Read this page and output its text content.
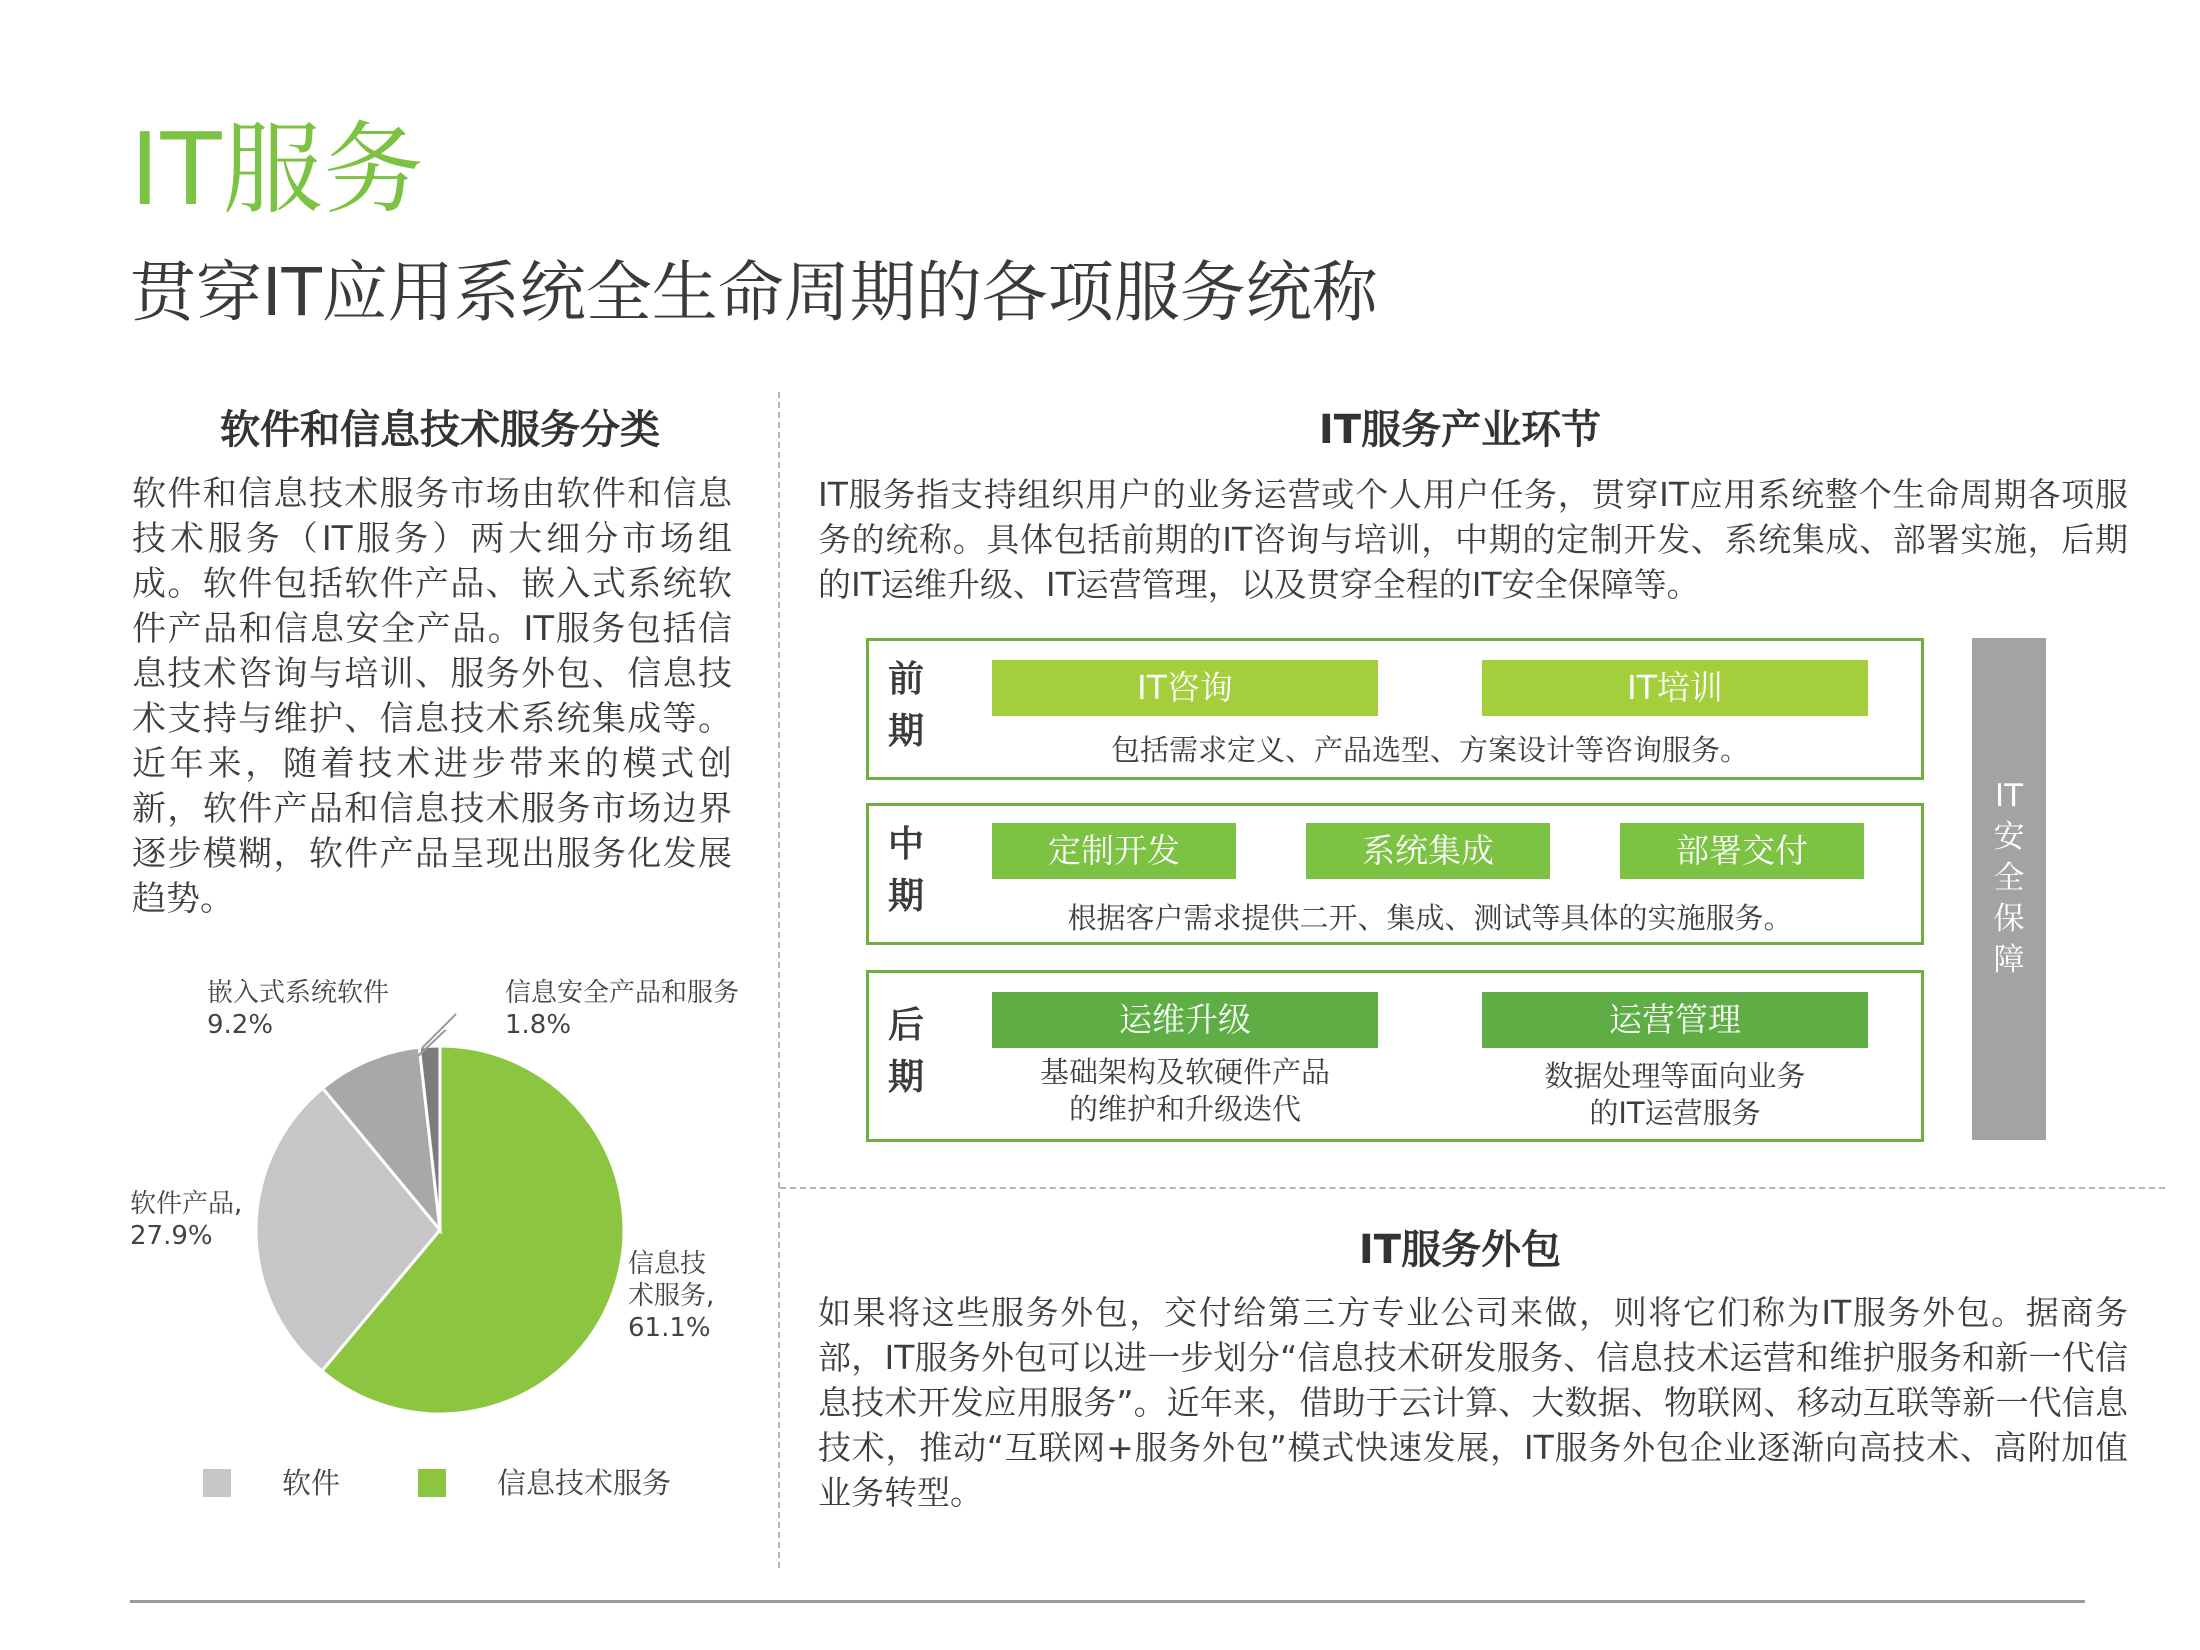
IT服务
贯穿IT应用系统全生命周期的各项服务统称
软件和信息技术服务分类
软件和信息技术服务市场由软件和信息技术服务（IT服务）两大细分市场组成。软件包括软件产品、嵌入式系统软件产品和信息安全产品。IT服务包括信息技术咨询与培训、服务外包、信息技术支持与维护、信息技术系统集成等。近年来，随着技术进步带来的模式创新，软件产品和信息技术服务市场边界逐步模糊，软件产品呈现出服务化发展趋势。
嵌入式系统软件
9.2%
信息安全产品和服务
1.8%
软件产品,
27.9%
信息技术服务,
61.1%
软件	信息技术服务
IT服务产业环节
IT服务指支持组织用户的业务运营或个人用户任务，贯穿IT应用系统整个生命周期各项服务的统称。具体包括前期的IT咨询与培训，中期的定制开发、系统集成、部署实施，后期的IT运维升级、IT运营管理，以及贯穿全程的IT安全保障等。
前
期
IT咨询	IT培训
包括需求定义、产品选型、方案设计等咨询服务。
中
期
定制开发	系统集成	部署交付
根据客户需求提供二开、集成、测试等具体的实施服务。
后
期
运维升级	运营管理
基础架构及软硬件产品
的维护和升级迭代
数据处理等面向业务
的IT运营服务
IT
安
全
保
障
IT服务外包
如果将这些服务外包，交付给第三方专业公司来做，则将它们称为IT服务外包。据商务部，IT服务外包可以进一步划分“信息技术研发服务、信息技术运营和维护服务和新一代信息技术开发应用服务”。近年来，借助于云计算、大数据、物联网、移动互联等新一代信息技术，推动“互联网+服务外包”模式快速发展，IT服务外包企业逐渐向高技术、高附加值业务转型。
